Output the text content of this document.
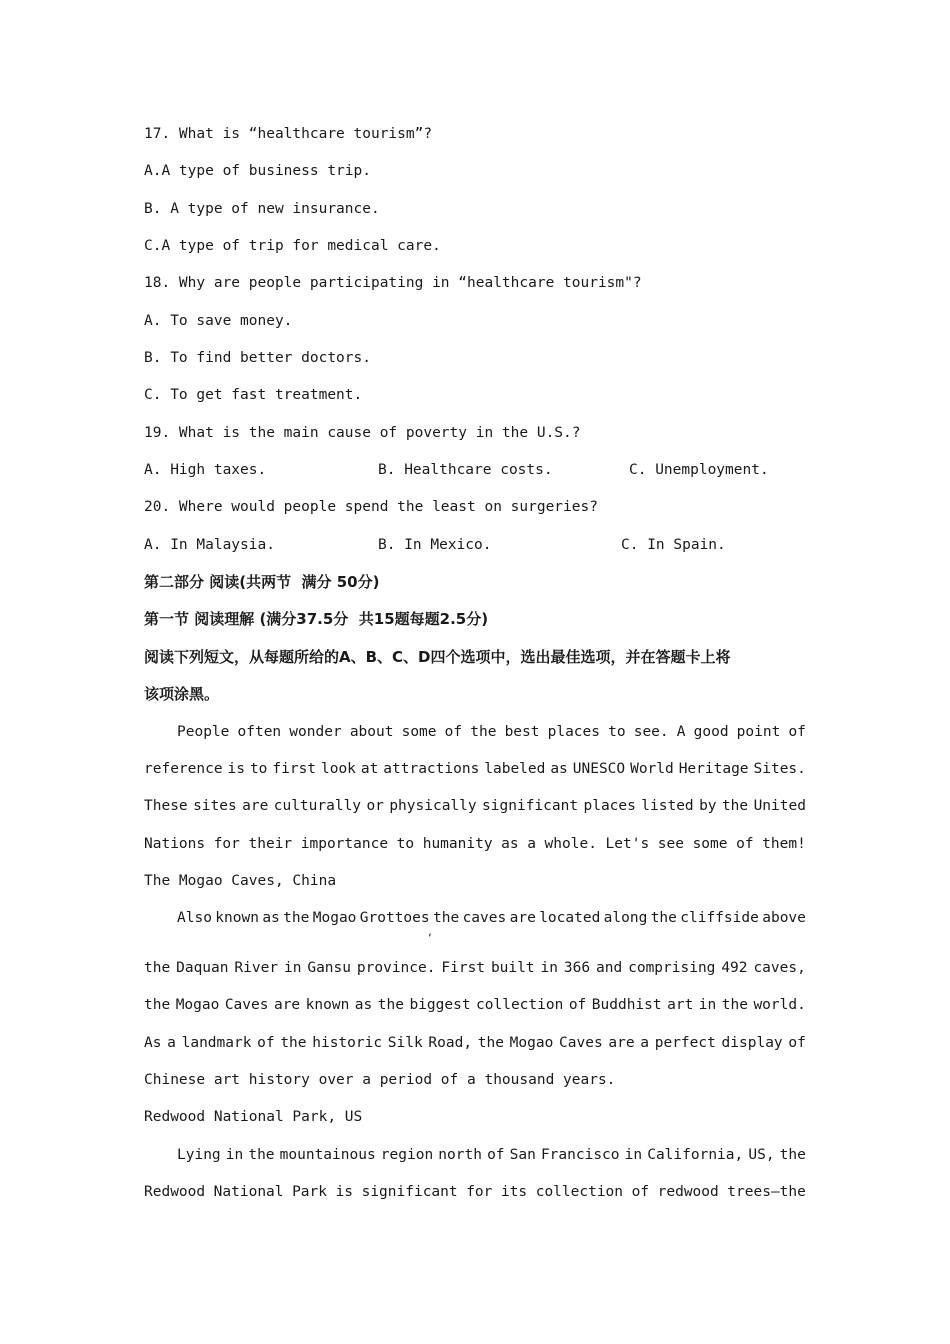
17. What is “healthcare tourism”?
A.A type of business trip.
B. A type of new insurance.
C.A type of trip for medical care.
18. Why are people participating in “healthcare tourism"?
A. To save money.
B. To find better doctors.
C. To get fast treatment.
19. What is the main cause of poverty in the U.S.?
A. High taxes.	B. Healthcare costs.	C. Unemployment.
20. Where would people spend the least on surgeries?
A. In Malaysia.	B. In Mexico.	C. In Spain.
第二部分 阅读(共两节  满分 50分)
第一节 阅读理解 (满分37.5分  共15题每题2.5分)
阅读下列短文，从每题所给的A、B、C、D四个选项中，选出最佳选项，并在答题卡上将
该项涂黑。
People often wonder about some of the best places to see. A good point of
reference is to first look at attractions labeled as UNESCO World Heritage Sites.
These sites are culturally or physically significant places listed by the United
Nations for their importance to humanity as a whole. Let's see some of them!
The Mogao Caves, China
Also known as the Mogao Grottoes the caves are located along the cliffside above
,
the Daquan River in Gansu province. First built in 366 and comprising 492 caves,
the Mogao Caves are known as the biggest collection of Buddhist art in the world.
As a landmark of the historic Silk Road, the Mogao Caves are a perfect display of
Chinese art history over a period of a thousand years.
Redwood National Park, US
Lying in the mountainous region north of San Francisco in California, US, the
Redwood National Park is significant for its collection of redwood trees—the
